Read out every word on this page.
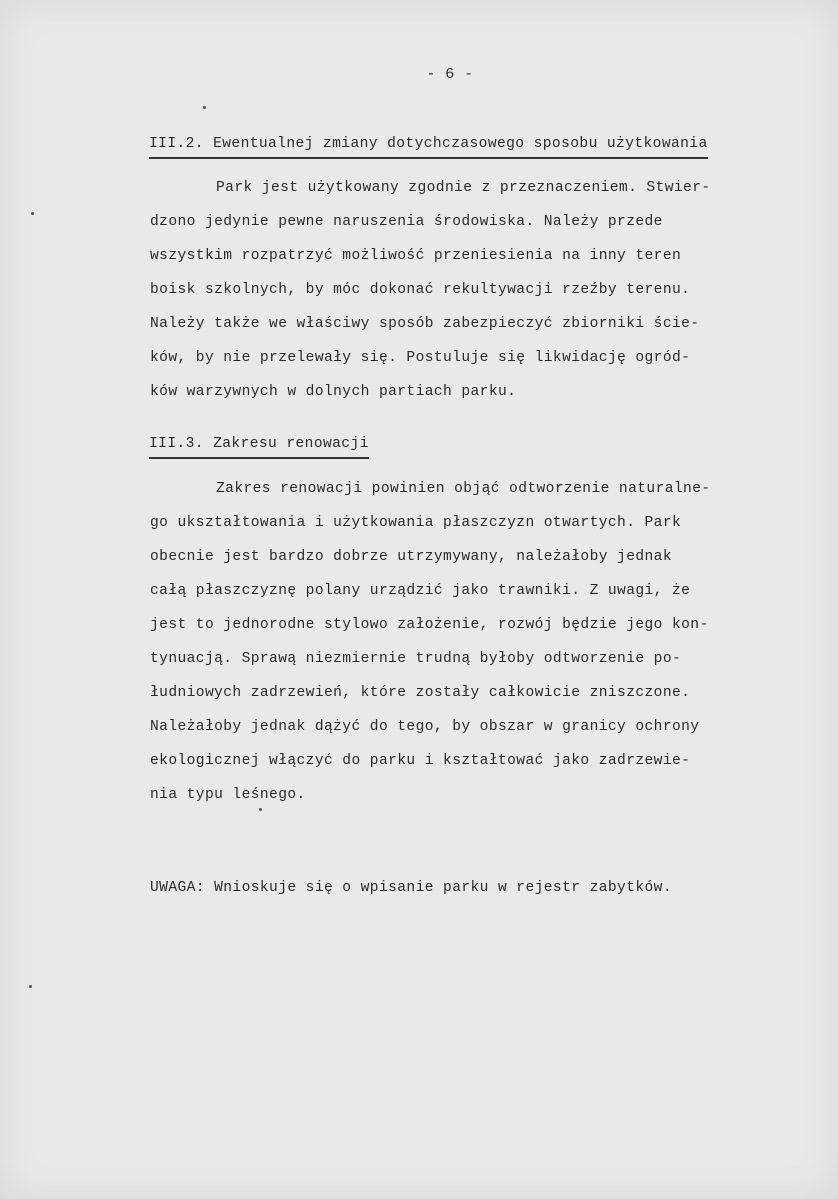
- 6 -
III.2. Ewentualnej zmiany dotychczasowego sposobu użytkowania
Park jest użytkowany zgodnie z przeznaczeniem. Stwier-
dzono jedynie pewne naruszenia środowiska. Należy przede
wszystkim rozpatrzyć możliwość przeniesienia na inny teren
boisk szkolnych, by móc dokonać rekultywacji rzeźby terenu.
Należy także we właściwy sposób zabezpieczyć zbiorniki ście-
ków, by nie przelewały się. Postuluje się likwidację ogród-
ków warzywnych w dolnych partiach parku.
III.3. Zakresu renowacji
Zakres renowacji powinien objąć odtworzenie naturalne-
go ukształtowania i użytkowania płaszczyzn otwartych. Park
obecnie jest bardzo dobrze utrzymywany, należałoby jednak
całą płaszczyznę polany urządzić jako trawniki. Z uwagi, że
jest to jednorodne stylowo założenie, rozwój będzie jego kon-
tynuacją. Sprawą niezmiernie trudną byłoby odtworzenie po-
łudniowych zadrzewień, które zostały całkowicie zniszczone.
Należałoby jednak dążyć do tego, by obszar w granicy ochrony
ekologicznej włączyć do parku i kształtować jako zadrzewie-
nia typu leśnego.
UWAGA: Wnioskuje się o wpisanie parku w rejestr zabytków.
